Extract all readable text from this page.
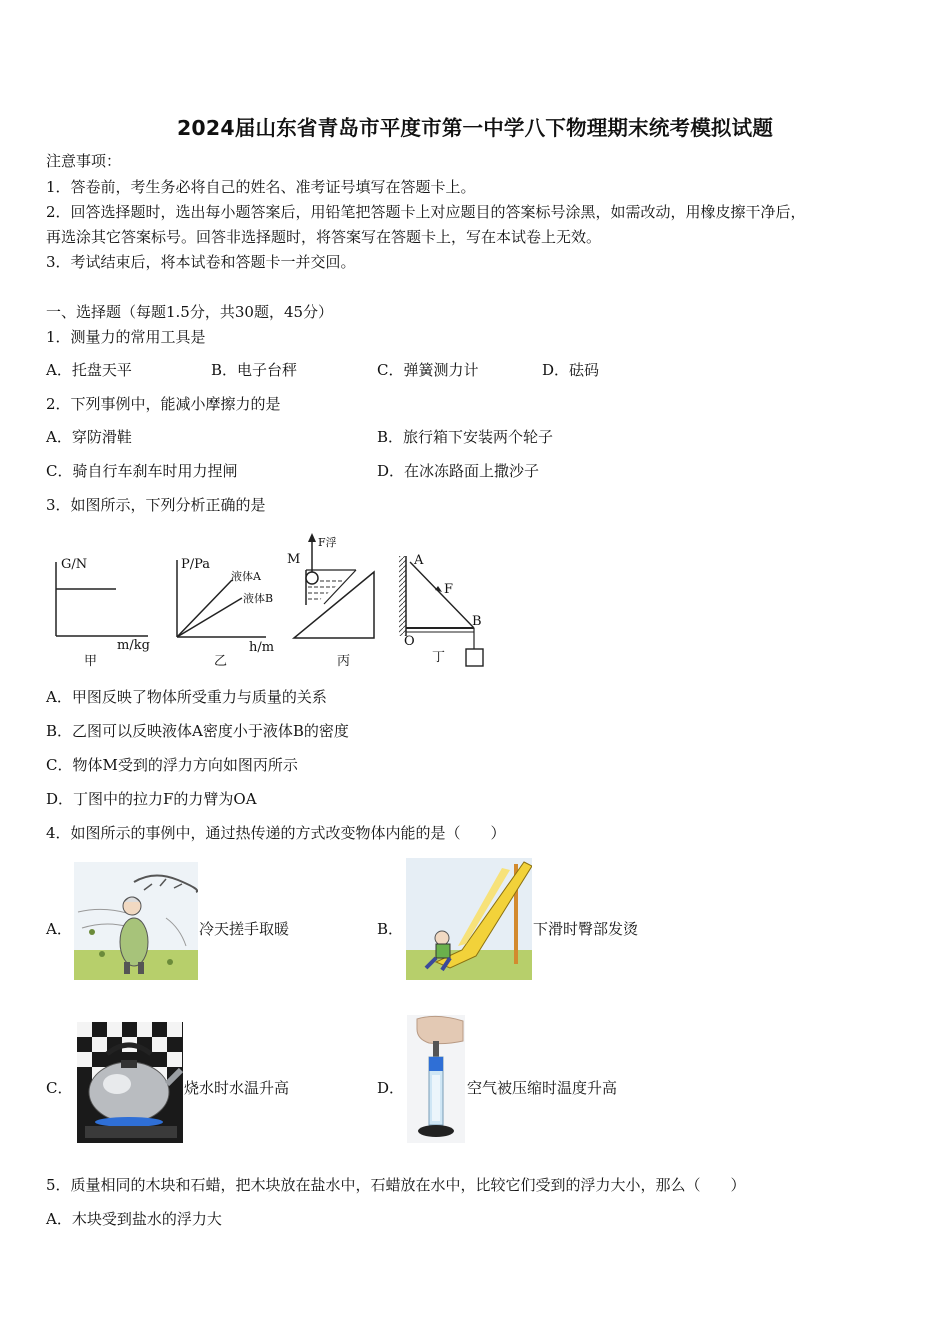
2024届山东省青岛市平度市第一中学八下物理期末统考模拟试题
注意事项：
1．答卷前，考生务必将自己的姓名、准考证号填写在答题卡上。
2．回答选择题时，选出每小题答案后，用铅笔把答题卡上对应题目的答案标号涂黑，如需改动，用橡皮擦干净后，
再选涂其它答案标号。回答非选择题时，将答案写在答题卡上，写在本试卷上无效。
3．考试结束后，将本试卷和答题卡一并交回。
一、选择题（每题1.5分，共30题，45分）
1．测量力的常用工具是
A．托盘天平	B．电子台秤	C．弹簧测力计	D．砝码
2．下列事例中，能减小摩擦力的是
A．穿防滑鞋	B．旅行箱下安装两个轮子
C．骑自行车刹车时用力捏闸	D．在冰冻路面上撒沙子
3．如图所示，下列分析正确的是
G/N
m/kg
甲
P/Pa
液体A
液体B
h/m
乙
M
F浮
丙
A
F
B
O
丁
A．甲图反映了物体所受重力与质量的关系
B．乙图可以反映液体A密度小于液体B的密度
C．物体M受到的浮力方向如图丙所示
D．丁图中的拉力F的力臂为OA
4．如图所示的事例中，通过热传递的方式改变物体内能的是（　　）
A．	冷天搓手取暖	B．	下滑时臀部发烫
C．	烧水时水温升高	D．	空气被压缩时温度升高
5．质量相同的木块和石蜡，把木块放在盐水中，石蜡放在水中，比较它们受到的浮力大小，那么（　　）
A．木块受到盐水的浮力大
